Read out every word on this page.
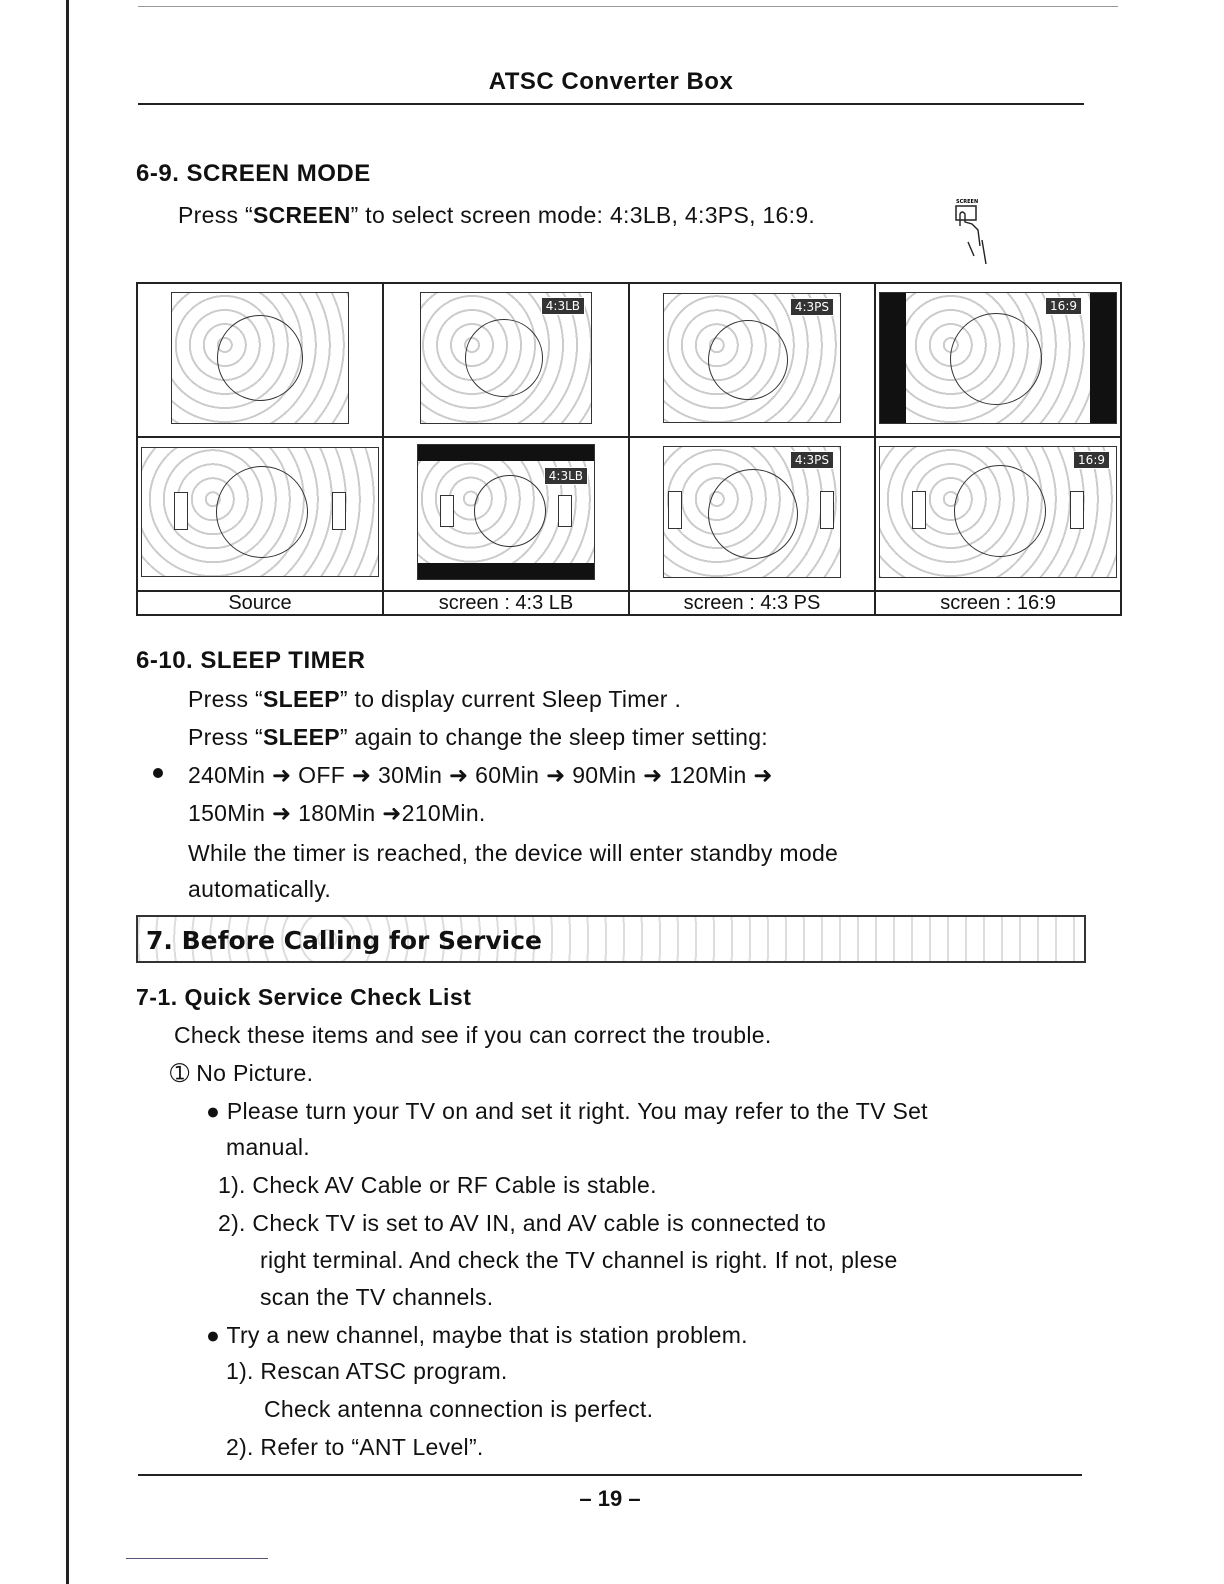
ATSC Converter Box
6-9. SCREEN MODE
Press “SCREEN” to select screen mode: 4:3LB, 4:3PS, 16:9.	SCREEN

	4:3LB	4:3PS	16:9

	4:3LB	4:3PS	16:9

Source	screen : 4:3 LB	screen : 4:3 PS	screen : 16:9
6-10. SLEEP TIMER
Press “SLEEP” to display current Sleep Timer .
Press “SLEEP” again to change the sleep timer setting:
240Min ➜ OFF ➜ 30Min ➜ 60Min ➜ 90Min ➜ 120Min ➜
150Min ➜ 180Min ➜210Min.
While the timer is reached, the device will enter standby mode
automatically.
7. Before Calling for Service
7-1. Quick Service Check List
Check these items and see if you can correct the trouble.
➀ No Picture.
● Please turn your TV on and set it right. You may refer to the TV Set
manual.
1). Check AV Cable or RF Cable is stable.
2). Check TV is set to AV IN, and AV cable is connected to
right terminal. And check the TV channel is right. If not, plese
scan the TV channels.
● Try a new channel, maybe that is station problem.
1). Rescan ATSC program.
Check antenna connection is perfect.
2). Refer to “ANT Level”.
– 19 –
